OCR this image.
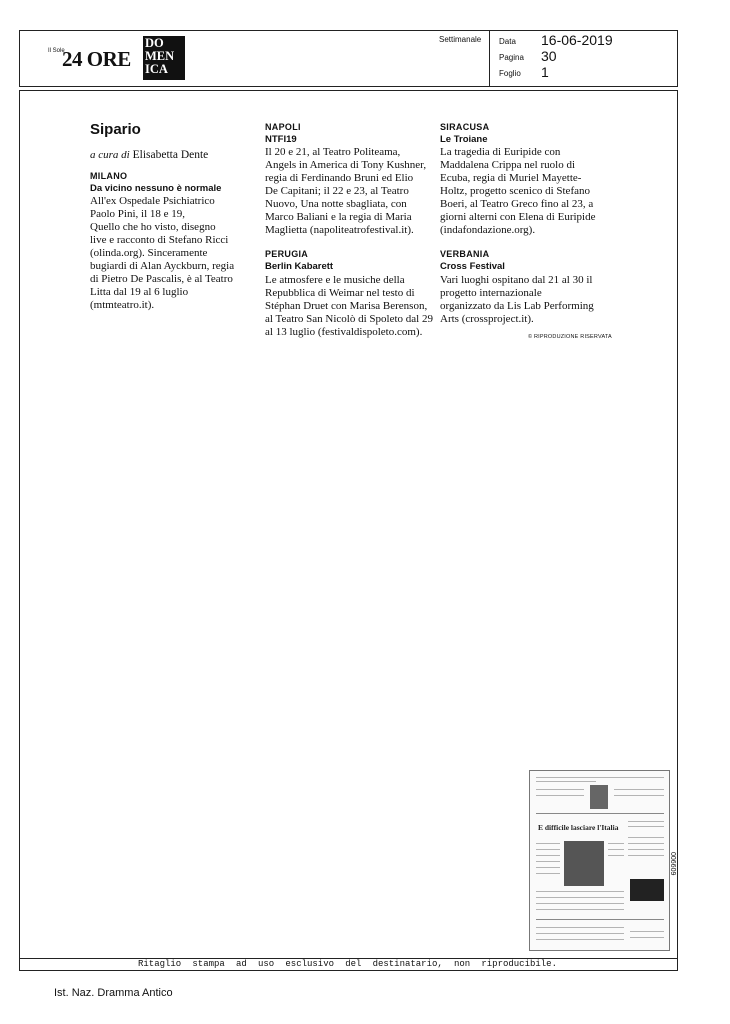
Il Sole
24 ORE
DO
MEN
ICA
Settimanale Data 16-06-2019
Pagina 30
Foglio 1
Sipario
a cura di Elisabetta Dente
MILANO
Da vicino nessuno è normale
All'ex Ospedale Psichiatrico
Paolo Pini, il 18 e 19,
Quello che ho visto, disegno
live e racconto di Stefano Ricci
(olinda.org). Sinceramente
bugiardi di Alan Ayckburn, regia
di Pietro De Pascalis, è al Teatro
Litta dal 19 al 6 luglio
(mtmteatro.it).
NAPOLI
NTFI19
Il 20 e 21, al Teatro Politeama,
Angels in America di Tony Kushner,
regia di Ferdinando Bruni ed Elio
De Capitani; il 22 e 23, al Teatro
Nuovo, Una notte sbagliata, con
Marco Baliani e la regia di Maria
Maglietta (napoliteatrofestival.it).
PERUGIA
Berlin Kabarett
Le atmosfere e le musiche della
Repubblica di Weimar nel testo di
Stéphan Druet con Marisa Berenson,
al Teatro San Nicolò di Spoleto dal 29
al 13 luglio (festivaldispoleto.com).
SIRACUSA
Le Troiane
La tragedia di Euripide con
Maddalena Crippa nel ruolo di
Ecuba, regia di Muriel Mayette-
Holtz, progetto scenico di Stefano
Boeri, al Teatro Greco fino al 23, a
giorni alterni con Elena di Euripide
(indafondazione.org).
VERBANIA
Cross Festival
Vari luoghi ospitano dal 21 al 30 il
progetto internazionale
organizzato da Lis Lab Performing
Arts (crossproject.it).
© RIPRODUZIONE RISERVATA
E difficile lasciare l'Italia
006609
Ritaglio stampa ad uso esclusivo del destinatario, non riproducibile.
Ist. Naz. Dramma Antico
